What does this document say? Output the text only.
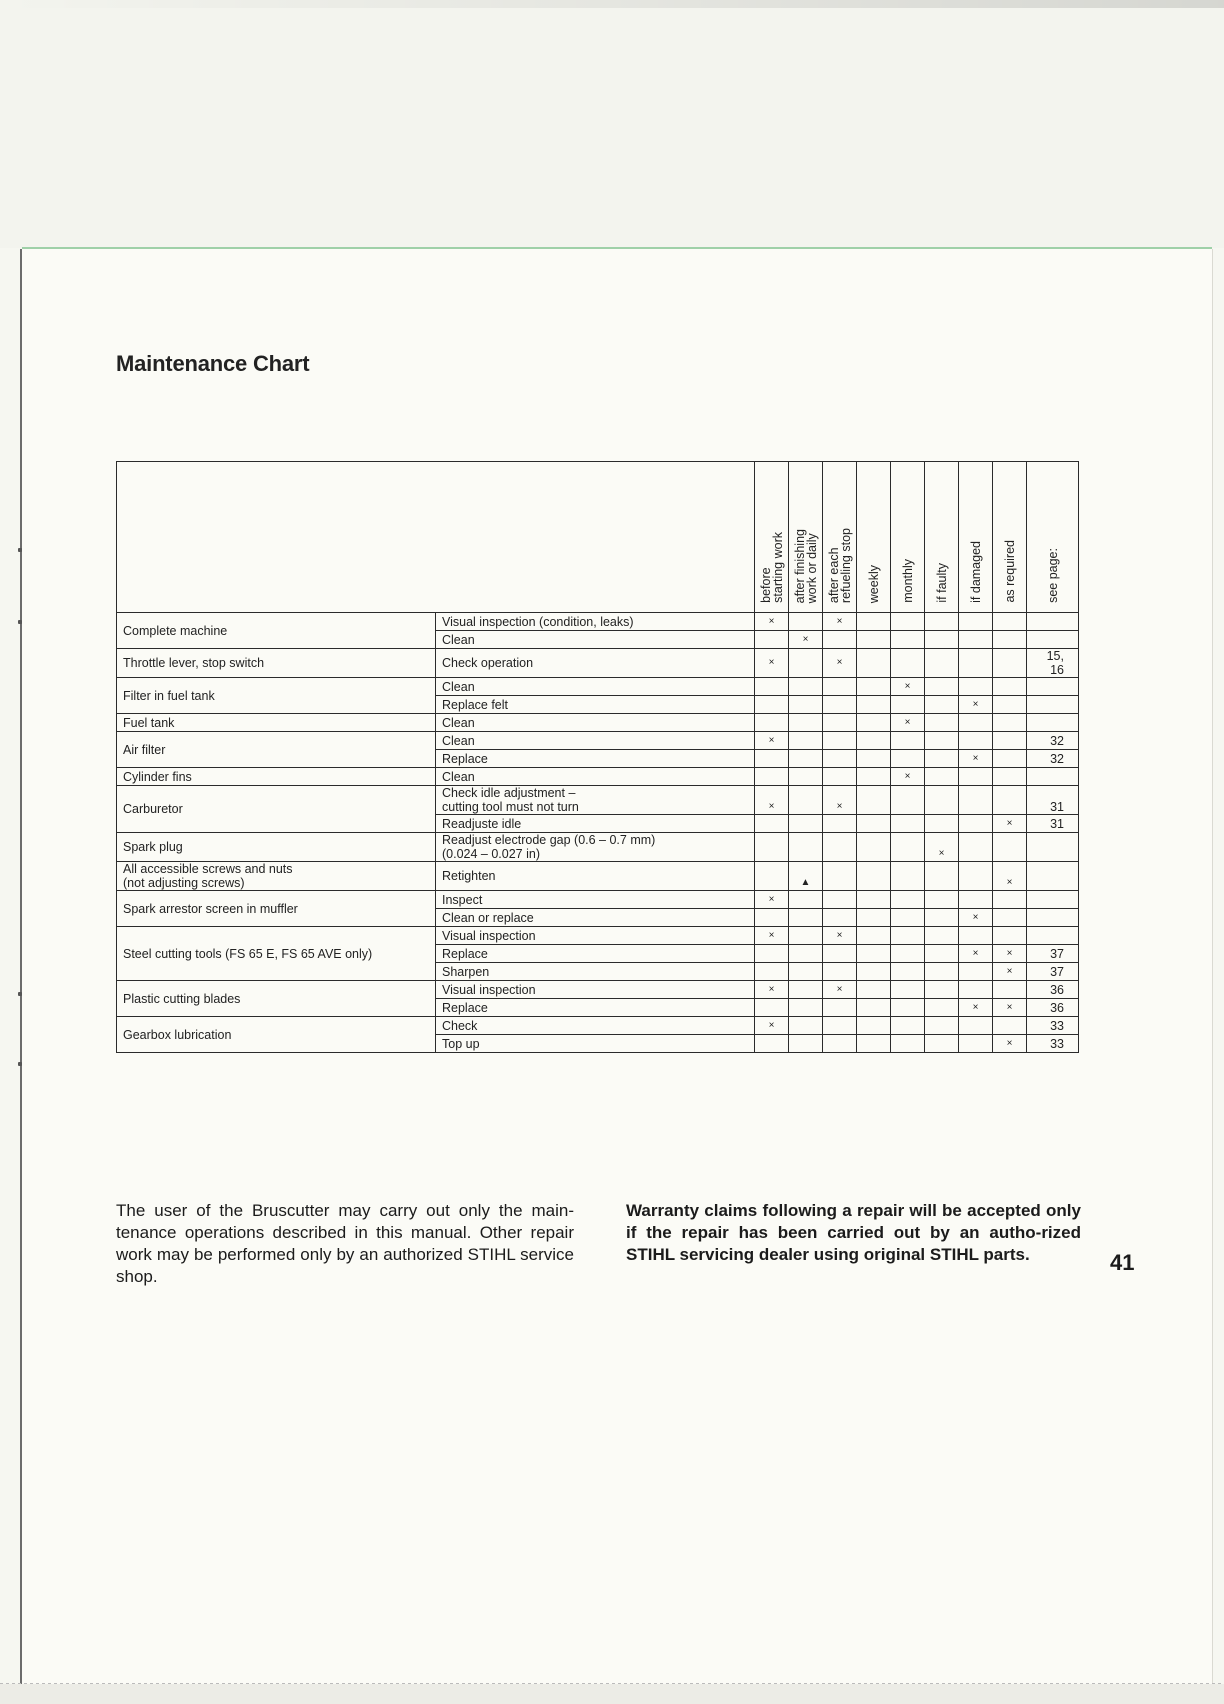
Maintenance Chart
		before
starting work	after finishing
work or daily	after each
refueling stop	weekly	monthly	if faulty	if damaged	as required	see page:
Complete machine	Visual inspection (condition, leaks)	×		×						
	Clean		×							
Throttle lever, stop switch	Check operation	×		×						15, 16
Filter in fuel tank	Clean					×				
	Replace felt							×		
Fuel tank	Clean					×				
Air filter	Clean	×								32
	Replace							×		32
Cylinder fins	Clean					×				
Carburetor	Check idle adjustment –
cutting tool must not turn	×		×						31
	Readjuste idle								×	31
Spark plug	Readjust electrode gap (0.6 – 0.7 mm)
(0.024 – 0.027 in)						×			
All accessible screws and nuts
(not adjusting screws)	Retighten		▲						×	
Spark arrestor screen in muffler	Inspect	×								
	Clean or replace							×		
Steel cutting tools (FS 65 E, FS 65 AVE only)	Visual inspection	×		×						
	Replace							×	×	37
	Sharpen								×	37
Plastic cutting blades	Visual inspection	×		×						36
	Replace							×	×	36
Gearbox lubrication	Check	×								33
	Top up								×	33
The user of the Bruscutter may carry out only the main-tenance operations described in this manual. Other repair work may be performed only by an authorized STIHL service shop.
Warranty claims following a repair will be accepted only if the repair has been carried out by an autho-rized STIHL servicing dealer using original STIHL parts.	41
